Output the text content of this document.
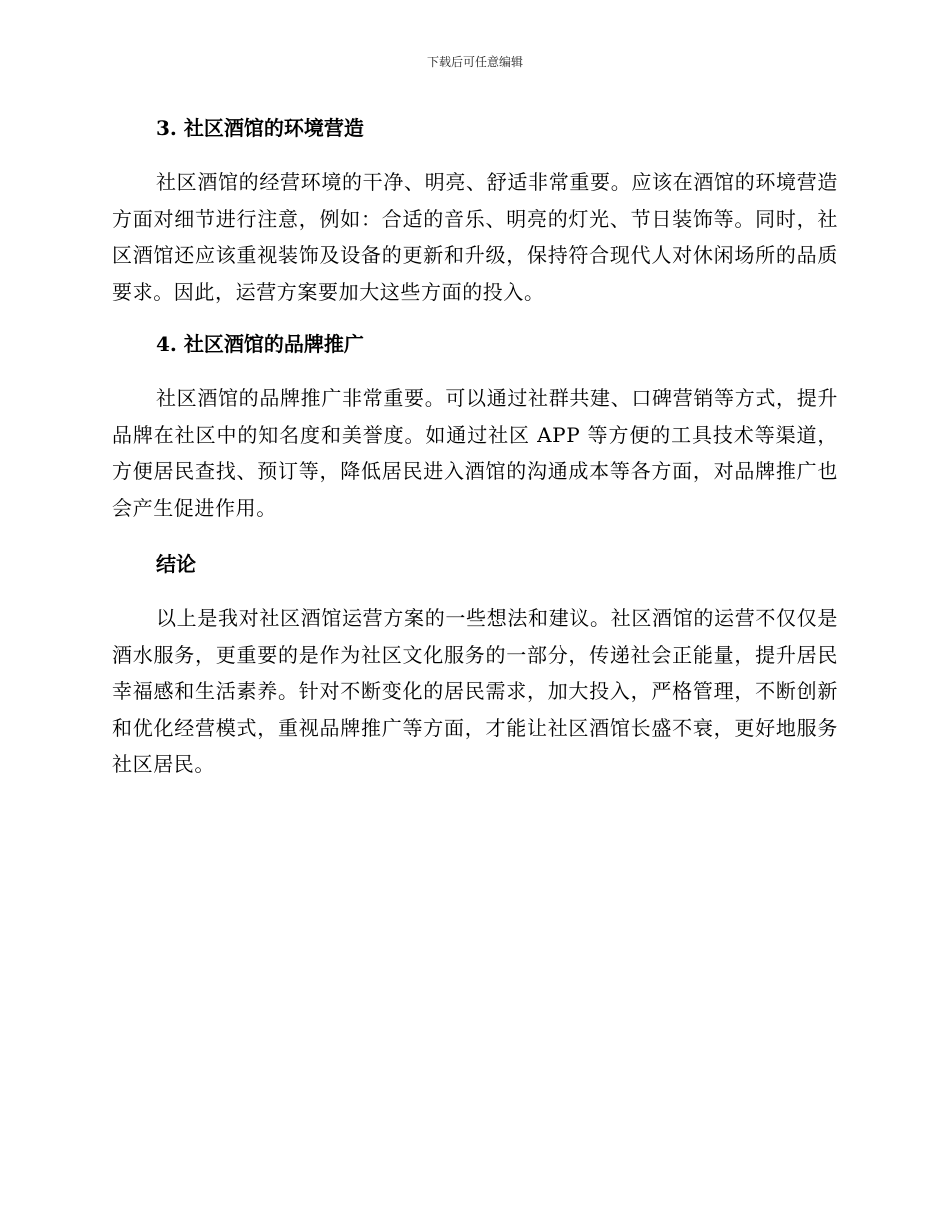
下载后可任意编辑
3. 社区酒馆的环境营造

社区酒馆的经营环境的干净、明亮、舒适非常重要。应该在酒馆的环境营造方面对细节进行注意，例如：合适的音乐、明亮的灯光、节日装饰等。同时，社区酒馆还应该重视装饰及设备的更新和升级，保持符合现代人对休闲场所的品质要求。因此，运营方案要加大这些方面的投入。

4. 社区酒馆的品牌推广

社区酒馆的品牌推广非常重要。可以通过社群共建、口碑营销等方式，提升品牌在社区中的知名度和美誉度。如通过社区 APP 等方便的工具技术等渠道，方便居民查找、预订等，降低居民进入酒馆的沟通成本等各方面，对品牌推广也会产生促进作用。

结论

以上是我对社区酒馆运营方案的一些想法和建议。社区酒馆的运营不仅仅是酒水服务，更重要的是作为社区文化服务的一部分，传递社会正能量，提升居民幸福感和生活素养。针对不断变化的居民需求，加大投入，严格管理，不断创新和优化经营模式，重视品牌推广等方面，才能让社区酒馆长盛不衰，更好地服务社区居民。
